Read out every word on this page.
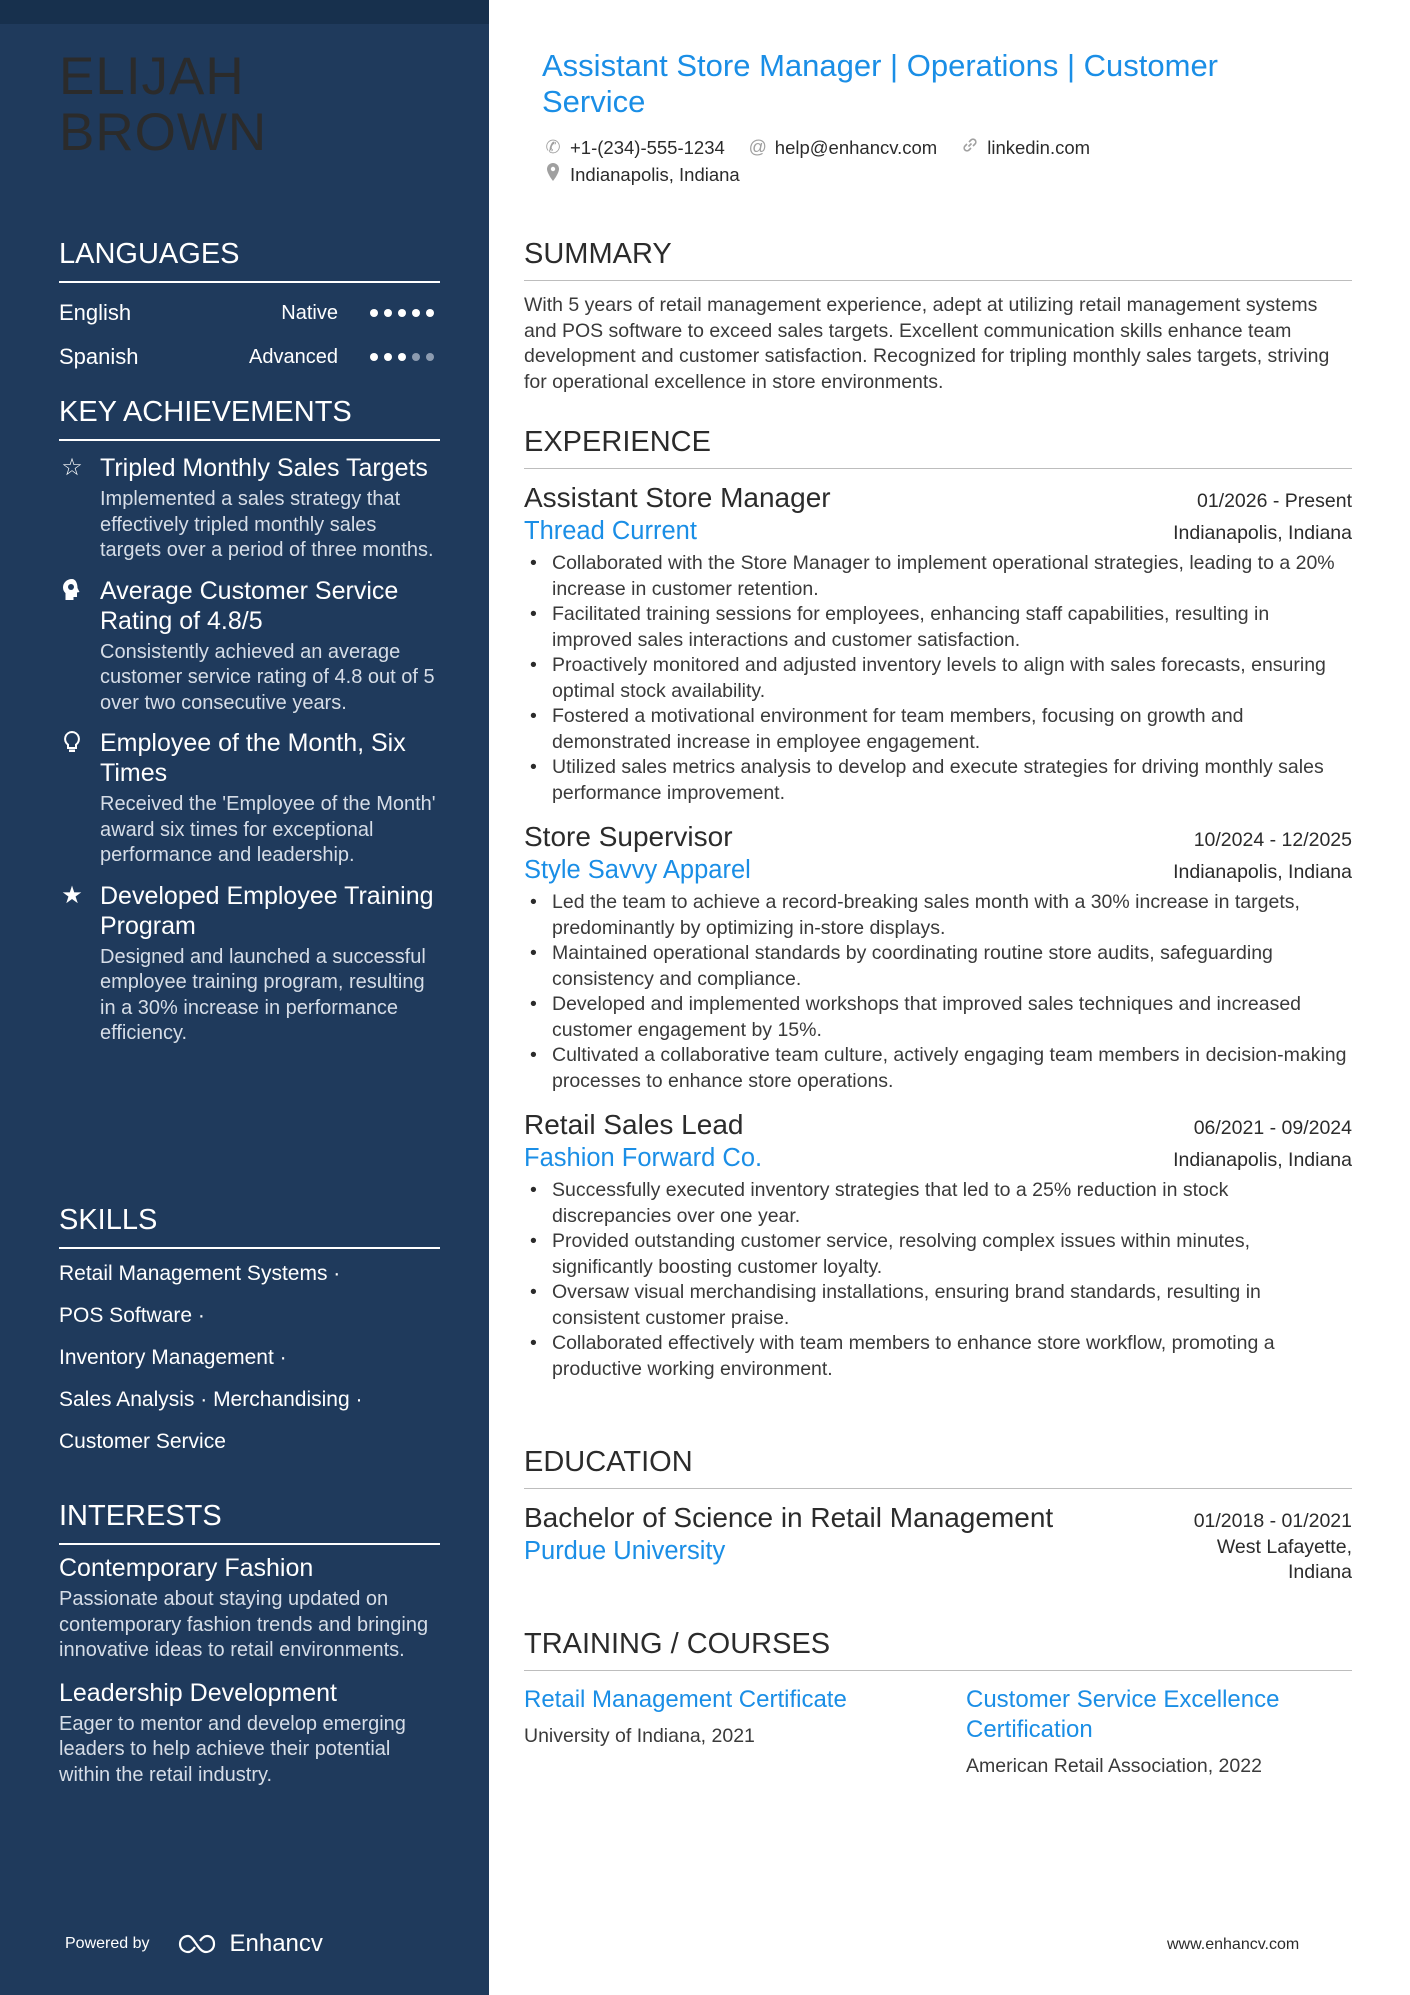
ELIJAH
BROWN
LANGUAGES
English	Native
Spanish	Advanced
KEY ACHIEVEMENTS
☆ Tripled Monthly Sales Targets
Implemented a sales strategy that effectively tripled monthly sales targets over a period of three months.
Average Customer Service Rating of 4.8/5
Consistently achieved an average customer service rating of 4.8 out of 5 over two consecutive years.
Employee of the Month, Six Times
Received the 'Employee of the Month' award six times for exceptional performance and leadership.
★ Developed Employee Training Program
Designed and launched a successful employee training program, resulting in a 30% increase in performance efficiency.
SKILLS
Retail Management Systems ·
POS Software ·
Inventory Management ·
Sales Analysis · Merchandising ·
Customer Service
INTERESTS
Contemporary Fashion
Passionate about staying updated on contemporary fashion trends and bringing innovative ideas to retail environments.
Leadership Development
Eager to mentor and develop emerging leaders to help achieve their potential within the retail industry.
Powered by	Enhancv
Assistant Store Manager | Operations | Customer Service
✆ +1-(234)-555-1234 @ help@enhancv.com	linkedin.com
Indianapolis, Indiana
SUMMARY
With 5 years of retail management experience, adept at utilizing retail management systems and POS software to exceed sales targets. Excellent communication skills enhance team development and customer satisfaction. Recognized for tripling monthly sales targets, striving for operational excellence in store environments.
EXPERIENCE
Assistant Store Manager	01/2026 - Present
Thread Current	Indianapolis, Indiana
• Collaborated with the Store Manager to implement operational strategies, leading to a 20% increase in customer retention.
• Facilitated training sessions for employees, enhancing staff capabilities, resulting in improved sales interactions and customer satisfaction.
• Proactively monitored and adjusted inventory levels to align with sales forecasts, ensuring optimal stock availability.
• Fostered a motivational environment for team members, focusing on growth and demonstrated increase in employee engagement.
• Utilized sales metrics analysis to develop and execute strategies for driving monthly sales performance improvement.
Store Supervisor	10/2024 - 12/2025
Style Savvy Apparel	Indianapolis, Indiana
• Led the team to achieve a record-breaking sales month with a 30% increase in targets, predominantly by optimizing in-store displays.
• Maintained operational standards by coordinating routine store audits, safeguarding consistency and compliance.
• Developed and implemented workshops that improved sales techniques and increased customer engagement by 15%.
• Cultivated a collaborative team culture, actively engaging team members in decision-making processes to enhance store operations.
Retail Sales Lead	06/2021 - 09/2024
Fashion Forward Co.	Indianapolis, Indiana
• Successfully executed inventory strategies that led to a 25% reduction in stock discrepancies over one year.
• Provided outstanding customer service, resolving complex issues within minutes, significantly boosting customer loyalty.
• Oversaw visual merchandising installations, ensuring brand standards, resulting in consistent customer praise.
• Collaborated effectively with team members to enhance store workflow, promoting a productive working environment.
EDUCATION
Bachelor of Science in Retail Management	01/2018 - 01/2021
Purdue University	West Lafayette,
Indiana
TRAINING / COURSES
Retail Management Certificate
University of Indiana, 2021
Customer Service Excellence Certification
American Retail Association, 2022
www.enhancv.com
